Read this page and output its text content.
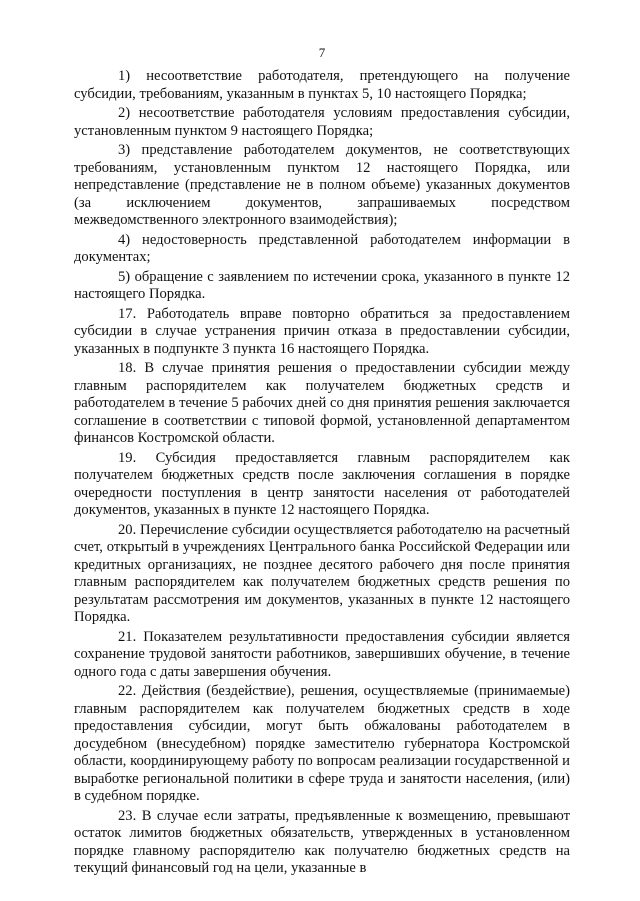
7

1) несоответствие работодателя, претендующего на получение субсидии, требованиям, указанным в пунктах 5, 10 настоящего Порядка;

2) несоответствие работодателя условиям предоставления субсидии, установленным пунктом 9 настоящего Порядка;

3) представление работодателем документов, не соответствующих требованиям, установленным пунктом 12 настоящего Порядка, или непредставление (представление не в полном объеме) указанных документов (за исключением документов, запрашиваемых посредством межведомственного электронного взаимодействия);

4) недостоверность представленной работодателем информации в документах;

5) обращение с заявлением по истечении срока, указанного в пункте 12 настоящего Порядка.

17. Работодатель вправе повторно обратиться за предоставлением субсидии в случае устранения причин отказа в предоставлении субсидии, указанных в подпункте 3 пункта 16 настоящего Порядка.

18. В случае принятия решения о предоставлении субсидии между главным распорядителем как получателем бюджетных средств и работодателем в течение 5 рабочих дней со дня принятия решения заключается соглашение в соответствии с типовой формой, установленной департаментом финансов Костромской области.

19. Субсидия предоставляется главным распорядителем как получателем бюджетных средств после заключения соглашения в порядке очередности поступления в центр занятости населения от работодателей документов, указанных в пункте 12 настоящего Порядка.

20. Перечисление субсидии осуществляется работодателю на расчетный счет, открытый в учреждениях Центрального банка Российской Федерации или кредитных организациях, не позднее десятого рабочего дня после принятия главным распорядителем как получателем бюджетных средств решения по результатам рассмотрения им документов, указанных в пункте 12 настоящего Порядка.

21. Показателем результативности предоставления субсидии является сохранение трудовой занятости работников, завершивших обучение, в течение одного года с даты завершения обучения.

22. Действия (бездействие), решения, осуществляемые (принимаемые) главным распорядителем как получателем бюджетных средств в ходе предоставления субсидии, могут быть обжалованы работодателем в досудебном (внесудебном) порядке заместителю губернатора Костромской области, координирующему работу по вопросам реализации государственной и выработке региональной политики в сфере труда и занятости населения, (или) в судебном порядке.

23. В случае если затраты, предъявленные к возмещению, превышают остаток лимитов бюджетных обязательств, утвержденных в установленном порядке главному распорядителю как получателю бюджетных средств на текущий финансовый год на цели, указанные в
